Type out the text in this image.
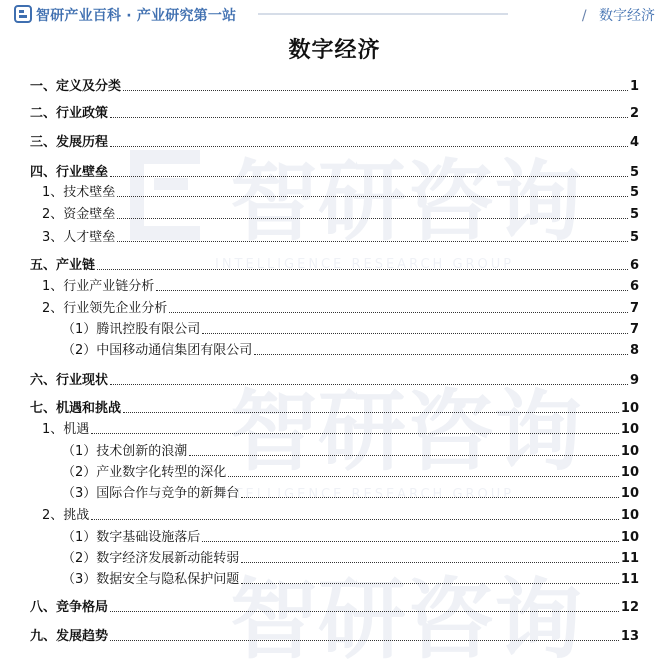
智研产业百科 · 产业研究第一站	/ 数字经济
智研咨询
INTELLIGENCE RESEARCH GROUP
智研咨询
INTELLIGENCE RESEARCH GROUP
智研咨询
数字经济
一、定义及分类	1
二、行业政策	2
三、发展历程	4
四、行业壁垒	5
1、技术壁垒	5
2、资金壁垒	5
3、人才壁垒	5
五、产业链	6
1、行业产业链分析	6
2、行业领先企业分析	7
（1）腾讯控股有限公司	7
（2）中国移动通信集团有限公司	8
六、行业现状	9
七、机遇和挑战	10
1、机遇	10
（1）技术创新的浪潮	10
（2）产业数字化转型的深化	10
（3）国际合作与竞争的新舞台	10
2、挑战	10
（1）数字基础设施落后	10
（2）数字经济发展新动能转弱	11
（3）数据安全与隐私保护问题	11
八、竞争格局	12
九、发展趋势	13
